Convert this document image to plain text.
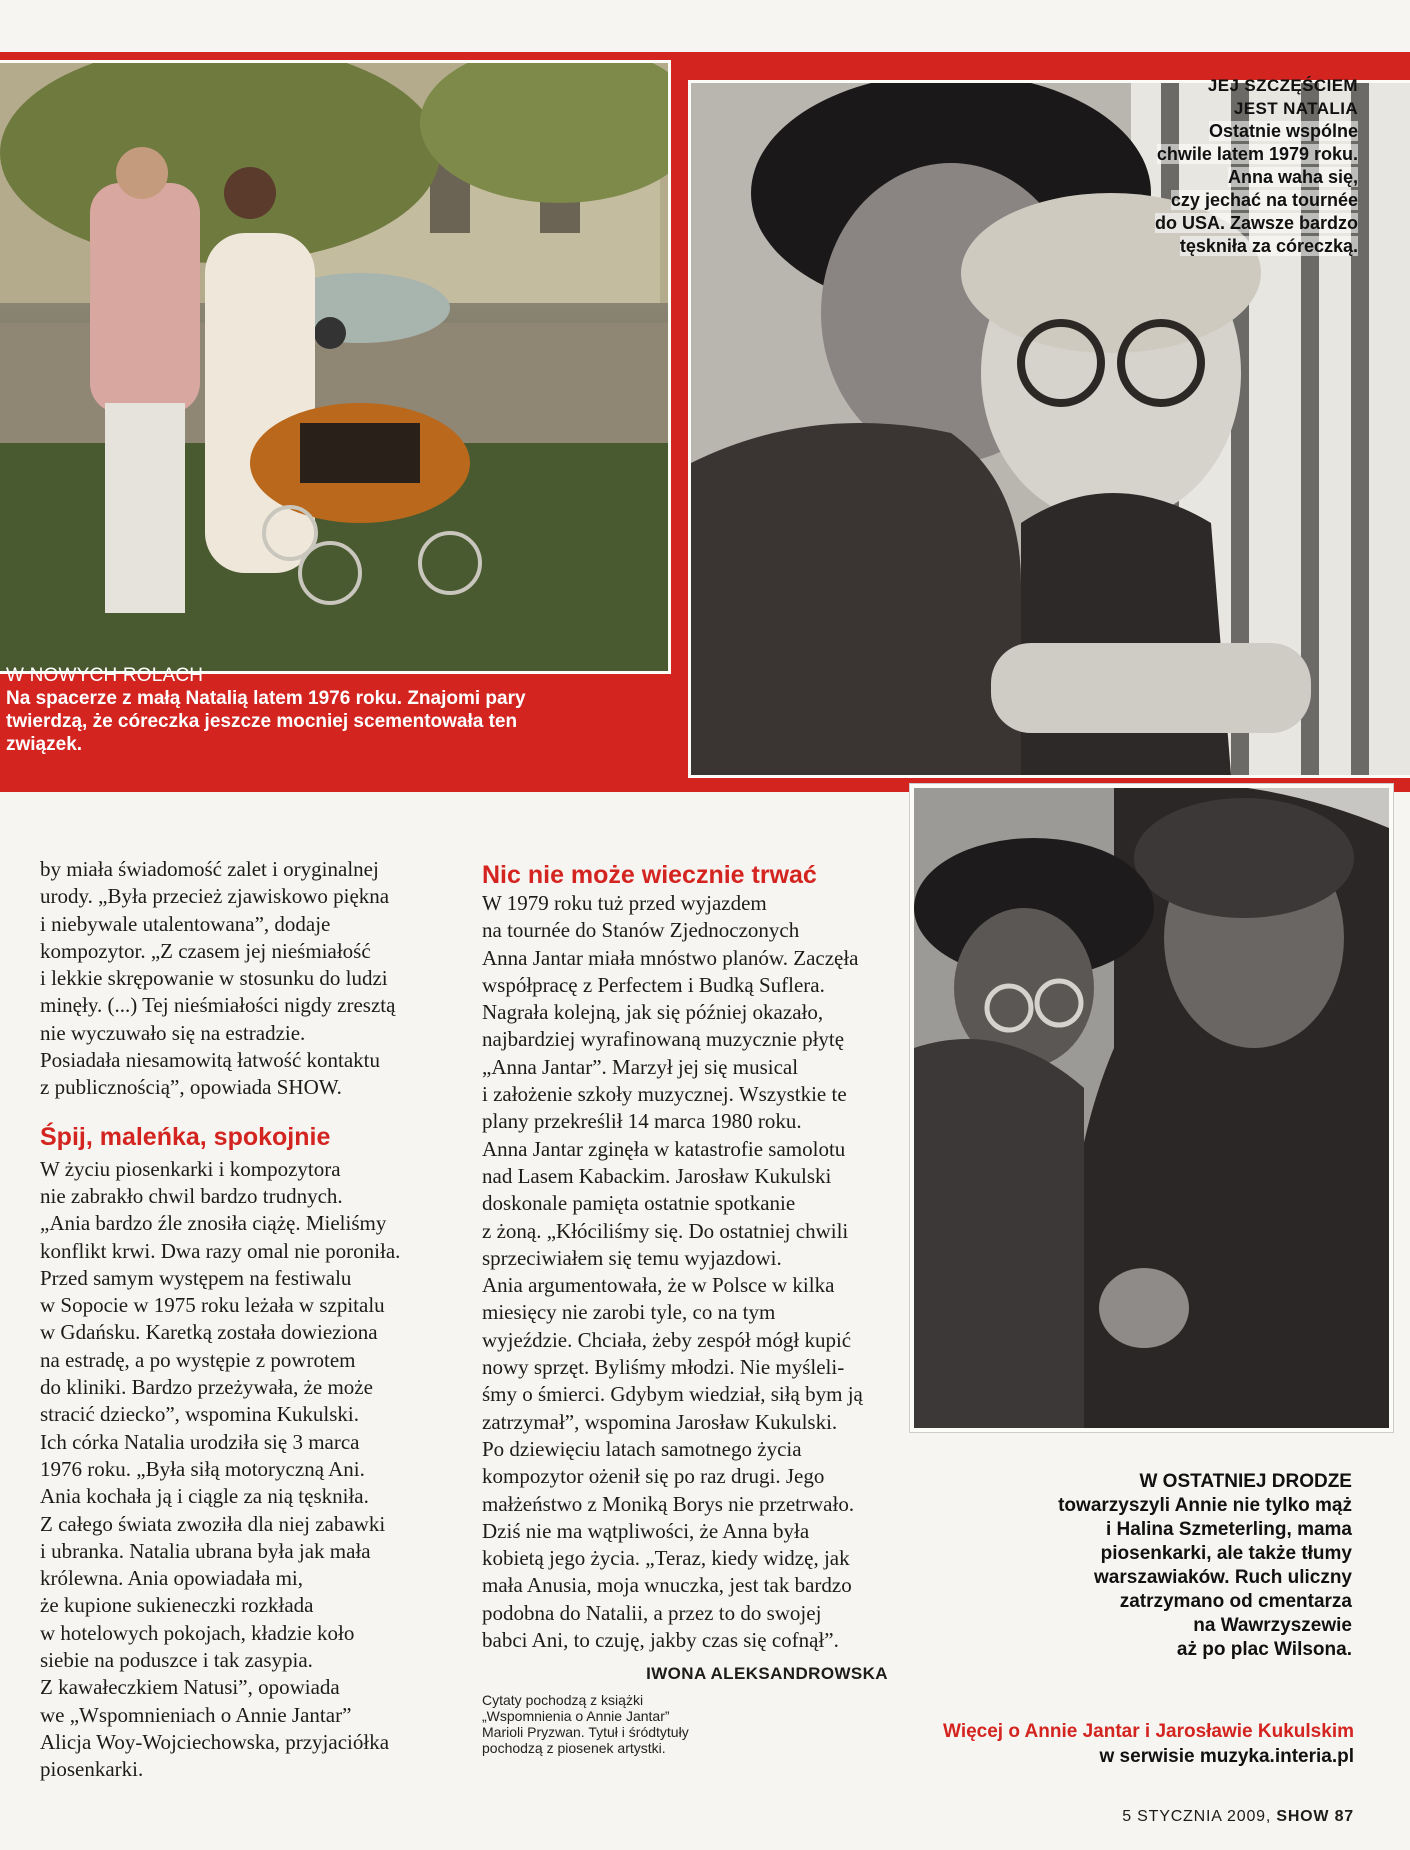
W NOWYCH ROLACH
Na spacerze z małą Natalią latem 1976 roku. Znajomi pary
twierdzą, że córeczka jeszcze mocniej scementowała ten
związek.
JEJ SZCZĘŚCIEM
JEST NATALIA
Ostatnie wspólne
chwile latem 1979 roku.
Anna waha się,
czy jechać na tournée
do USA. Zawsze bardzo
tęskniła za córeczką.
W OSTATNIEJ DRODZE
towarzyszyli Annie nie tylko mąż
i Halina Szmeterling, mama
piosenkarki, ale także tłumy
warszawiaków. Ruch uliczny
zatrzymano od cmentarza
na Wawrzyszewie
aż po plac Wilsona.

by miała świadomość zalet i oryginalnej

urody. „Była przecież zjawiskowo piękna

i niebywale utalentowana”, dodaje

kompozytor. „Z czasem jej nieśmiałość

i lekkie skrępowanie w stosunku do ludzi

minęły. (...) Tej nieśmiałości nigdy zresztą

nie wyczuwało się na estradzie.

Posiadała niesamowitą łatwość kontaktu

z publicznością”, opowiada SHOW.

Śpij, maleńka, spokojnie

W życiu piosenkarki i kompozytora

nie zabrakło chwil bardzo trudnych.

„Ania bardzo źle znosiła ciążę. Mieliśmy

konflikt krwi. Dwa razy omal nie poroniła.

Przed samym występem na festiwalu

w Sopocie w 1975 roku leżała w szpitalu

w Gdańsku. Karetką została dowieziona

na estradę, a po występie z powrotem

do kliniki. Bardzo przeżywała, że może

stracić dziecko”, wspomina Kukulski.

Ich córka Natalia urodziła się 3 marca

1976 roku. „Była siłą motoryczną Ani.

Ania kochała ją i ciągle za nią tęskniła.

Z całego świata zwoziła dla niej zabawki

i ubranka. Natalia ubrana była jak mała

królewna. Ania opowiadała mi,

że kupione sukieneczki rozkłada

w hotelowych pokojach, kładzie koło

siebie na poduszce i tak zasypia.

Z kawałeczkiem Natusi”, opowiada

we „Wspomnieniach o Annie Jantar”

Alicja Woy-Wojciechowska, przyjaciółka

piosenkarki.

Nic nie może wiecznie trwać

W 1979 roku tuż przed wyjazdem

na tournée do Stanów Zjednoczonych

Anna Jantar miała mnóstwo planów. Zaczęła

współpracę z Perfectem i Budką Suflera.

Nagrała kolejną, jak się później okazało,

najbardziej wyrafinowaną muzycznie płytę

„Anna Jantar”. Marzył jej się musical

i założenie szkoły muzycznej. Wszystkie te

plany przekreślił 14 marca 1980 roku.

Anna Jantar zginęła w katastrofie samolotu

nad Lasem Kabackim. Jarosław Kukulski

doskonale pamięta ostatnie spotkanie

z żoną. „Kłóciliśmy się. Do ostatniej chwili

sprzeciwiałem się temu wyjazdowi.

Ania argumentowała, że w Polsce w kilka

miesięcy nie zarobi tyle, co na tym

wyjeździe. Chciała, żeby zespół mógł kupić

nowy sprzęt. Byliśmy młodzi. Nie myśleli-

śmy o śmierci. Gdybym wiedział, siłą bym ją

zatrzymał”, wspomina Jarosław Kukulski.

Po dziewięciu latach samotnego życia

kompozytor ożenił się po raz drugi. Jego

małżeństwo z Moniką Borys nie przetrwało.

Dziś nie ma wątpliwości, że Anna była

kobietą jego życia. „Teraz, kiedy widzę, jak

mała Anusia, moja wnuczka, jest tak bardzo

podobna do Natalii, a przez to do swojej

babci Ani, to czuję, jakby czas się cofnął”.

IWONA ALEKSANDROWSKA

Cytaty pochodzą z książki
„Wspomnienia o Annie Jantar”
Marioli Pryzwan. Tytuł i śródtytuły
pochodzą z piosenek artystki.
Więcej o Annie Jantar i Jarosławie Kukulskim
w serwisie muzyka.interia.pl
5 STYCZNIA 2009, SHOW 87
